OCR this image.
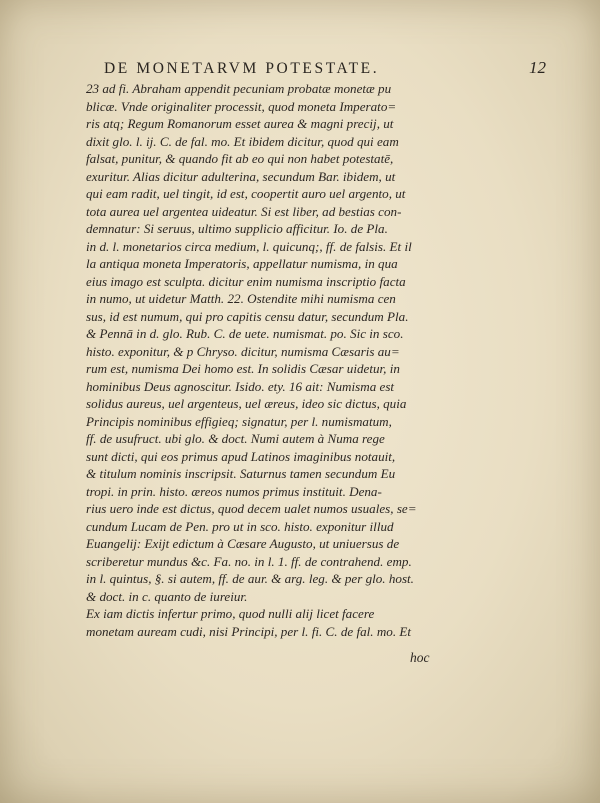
DE MONETARVM POTESTATE.	12
23 ad fi. Abraham appendit pecuniam probatæ monetæ pu
blicæ. Vnde originaliter processit, quod moneta Imperato=
ris atq; Regum Romanorum esset aurea & magni precij, ut
dixit glo. l. ij. C. de fal. mo. Et ibidem dicitur, quod qui eam
falsat, punitur, & quando fit ab eo qui non habet potestatē,
exuritur. Alias dicitur adulterina, secundum Bar. ibidem, ut
qui eam radit, uel tingit, id est, coopertit auro uel argento, ut
tota aurea uel argentea uideatur. Si est liber, ad bestias con-
demnatur: Si seruus, ultimo supplicio afficitur. Io. de Pla.
in d. l. monetarios circa medium, l. quicunq;, ff. de falsis. Et il
la antiqua moneta Imperatoris, appellatur numisma, in qua
eius imago est sculpta. dicitur enim numisma inscriptio facta
in numo, ut uidetur Matth. 22. Ostendite mihi numisma cen
sus, id est numum, qui pro capitis censu datur, secundum Pla.
& Pennā in d. glo. Rub. C. de uete. numismat. po. Sic in sco.
histo. exponitur, & p Chryso. dicitur, numisma Cæsaris au=
rum est, numisma Dei homo est. In solidis Cæsar uidetur, in
hominibus Deus agnoscitur. Isido. ety. 16 ait: Numisma est
solidus aureus, uel argenteus, uel æreus, ideo sic dictus, quia
Principis nominibus effigieq; signatur, per l. numismatum,
ff. de usufruct. ubi glo. & doct. Numi autem à Numa rege
sunt dicti, qui eos primus apud Latinos imaginibus notauit,
& titulum nominis inscripsit. Saturnus tamen secundum Eu
tropi. in prin. histo. æreos numos primus instituit. Dena-
rius uero inde est dictus, quod decem ualet numos usuales, se=
cundum Lucam de Pen. pro ut in sco. histo. exponitur illud
Euangelij: Exijt edictum à Cæsare Augusto, ut uniuersus de
scriberetur mundus &c. Fa. no. in l. 1. ff. de contrahend. emp.
in l. quintus, §. si autem, ff. de aur. & arg. leg. & per glo. host.
& doct. in c. quanto de iureiur.
Ex iam dictis infertur primo, quod nulli alij licet facere
monetam auream cudi, nisi Principi, per l. fi. C. de fal. mo. Et
hoc
